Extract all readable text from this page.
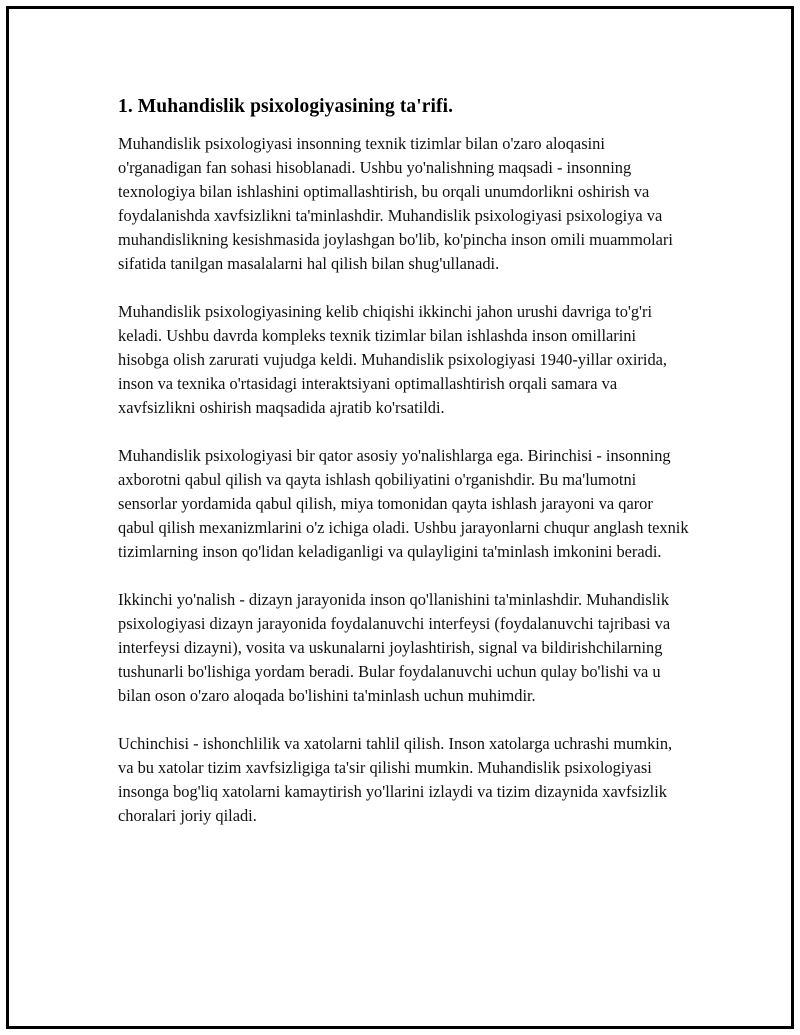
1. Muhandislik psixologiyasining ta'rifi.

Muhandislik psixologiyasi insonning texnik tizimlar bilan o'zaro aloqasini o'rganadigan fan sohasi hisoblanadi. Ushbu yo'nalishning maqsadi - insonning texnologiya bilan ishlashini optimallashtirish, bu orqali unumdorlikni oshirish va foydalanishda xavfsizlikni ta'minlashdir. Muhandislik psixologiyasi psixologiya va muhandislikning kesishmasida joylashgan bo'lib, ko'pincha inson omili muammolari sifatida tanilgan masalalarni hal qilish bilan shug'ullanadi.

Muhandislik psixologiyasining kelib chiqishi ikkinchi jahon urushi davriga to'g'ri keladi. Ushbu davrda kompleks texnik tizimlar bilan ishlashda inson omillarini hisobga olish zarurati vujudga keldi. Muhandislik psixologiyasi 1940-yillar oxirida, inson va texnika o'rtasidagi interaktsiyani optimallashtirish orqali samara va xavfsizlikni oshirish maqsadida ajratib ko'rsatildi.

Muhandislik psixologiyasi bir qator asosiy yo'nalishlarga ega. Birinchisi - insonning axborotni qabul qilish va qayta ishlash qobiliyatini o'rganishdir. Bu ma'lumotni sensorlar yordamida qabul qilish, miya tomonidan qayta ishlash jarayoni va qaror qabul qilish mexanizmlarini o'z ichiga oladi. Ushbu jarayonlarni chuqur anglash texnik tizimlarning inson qo'lidan keladiganligi va qulayligini ta'minlash imkonini beradi.

Ikkinchi yo'nalish - dizayn jarayonida inson qo'llanishini ta'minlashdir. Muhandislik psixologiyasi dizayn jarayonida foydalanuvchi interfeysi (foydalanuvchi tajribasi va interfeysi dizayni), vosita va uskunalarni joylashtirish, signal va bildirishchilarning tushunarli bo'lishiga yordam beradi. Bular foydalanuvchi uchun qulay bo'lishi va u bilan oson o'zaro aloqada bo'lishini ta'minlash uchun muhimdir.

Uchinchisi - ishonchlilik va xatolarni tahlil qilish. Inson xatolarga uchrashi mumkin, va bu xatolar tizim xavfsizligiga ta'sir qilishi mumkin. Muhandislik psixologiyasi insonga bog'liq xatolarni kamaytirish yo'llarini izlaydi va tizim dizaynida xavfsizlik choralari joriy qiladi.
